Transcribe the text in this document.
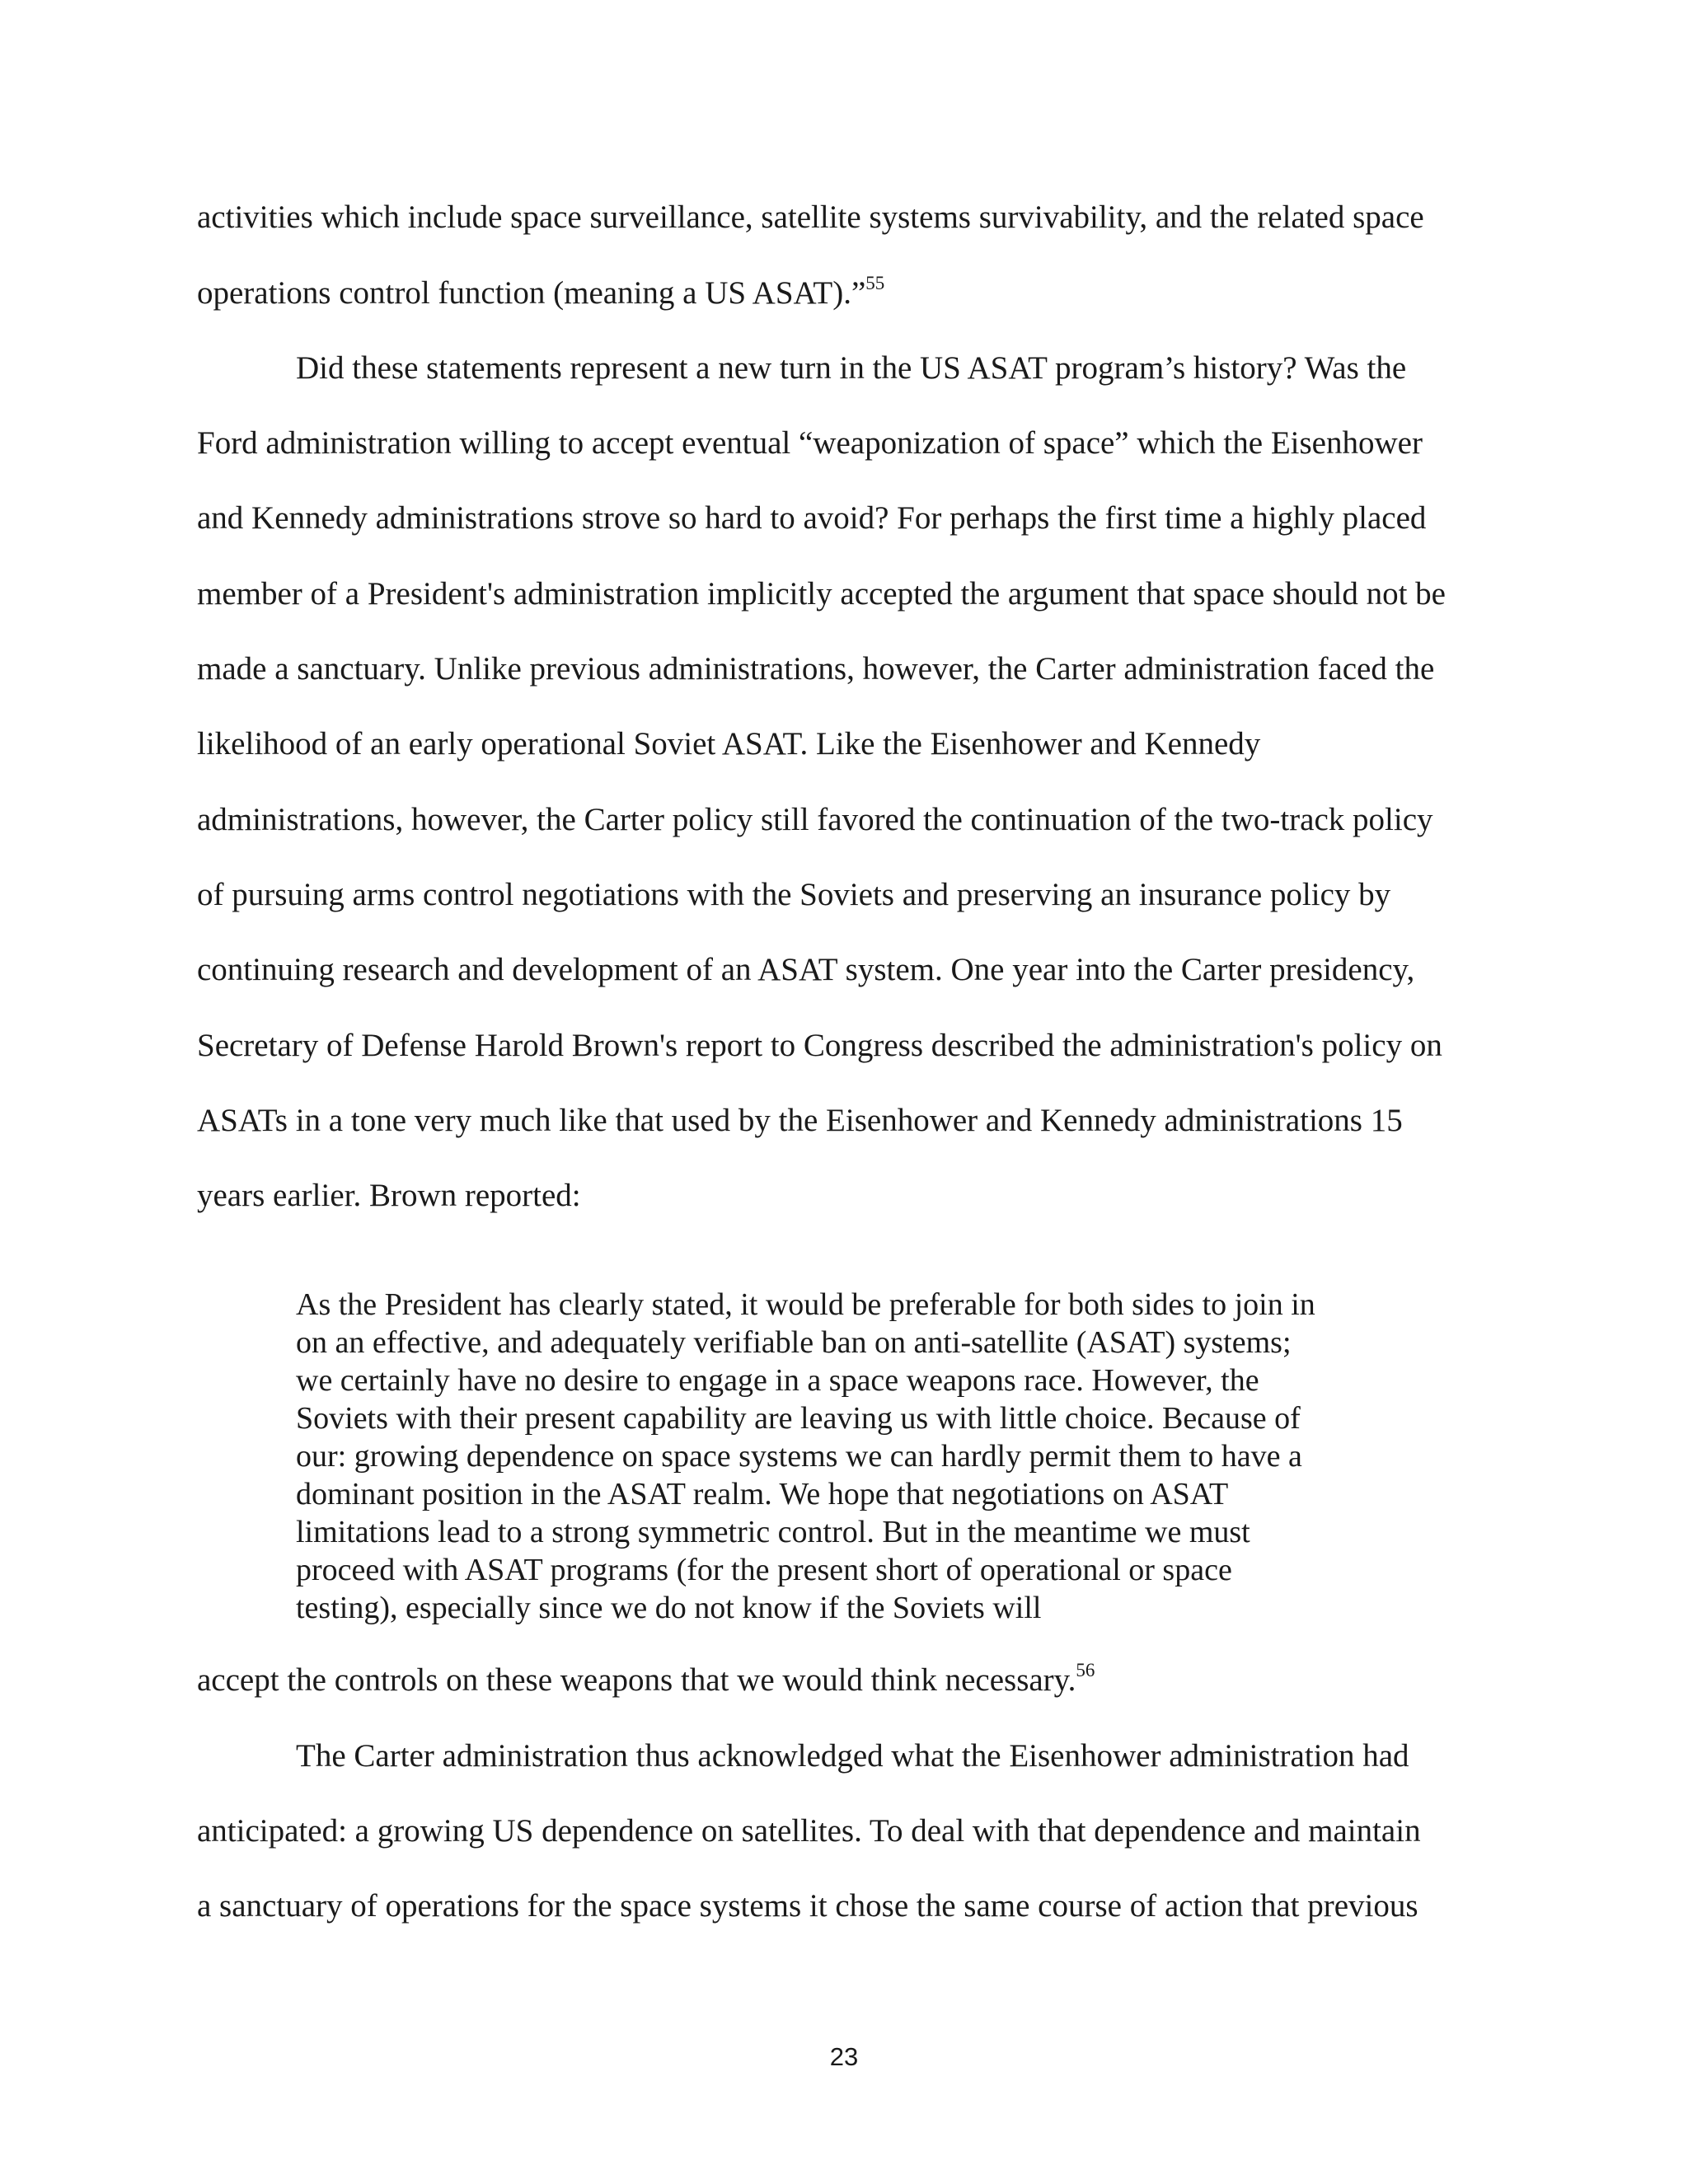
activities which include space surveillance, satellite systems survivability, and the related space
operations control function (meaning a US ASAT).”$^{55}$
Did these statements represent a new turn in the US ASAT program’s history? Was the
Ford administration willing to accept eventual “weaponization of space” which the Eisenhower
and Kennedy administrations strove so hard to avoid? For perhaps the first time a highly placed
member of a President's administration implicitly accepted the argument that space should not be
made a sanctuary. Unlike previous administrations, however, the Carter administration faced the
likelihood of an early operational Soviet ASAT. Like the Eisenhower and Kennedy
administrations, however, the Carter policy still favored the continuation of the two-track policy
of pursuing arms control negotiations with the Soviets and preserving an insurance policy by
continuing research and development of an ASAT system. One year into the Carter presidency,
Secretary of Defense Harold Brown's report to Congress described the administration's policy on
ASATs in a tone very much like that used by the Eisenhower and Kennedy administrations 15
years earlier. Brown reported:
As the President has clearly stated, it would be preferable for both sides to join in
on an effective, and adequately verifiable ban on anti-satellite (ASAT) systems;
we certainly have no desire to engage in a space weapons race. However, the
Soviets with their present capability are leaving us with little choice. Because of
our: growing dependence on space systems we can hardly permit them to have a
dominant position in the ASAT realm. We hope that negotiations on ASAT
limitations lead to a strong symmetric control. But in the meantime we must
proceed with ASAT programs (for the present short of operational or space
testing), especially since we do not know if the Soviets will
accept the controls on these weapons that we would think necessary.$^{56}$
The Carter administration thus acknowledged what the Eisenhower administration had
anticipated: a growing US dependence on satellites. To deal with that dependence and maintain
a sanctuary of operations for the space systems it chose the same course of action that previous
23
